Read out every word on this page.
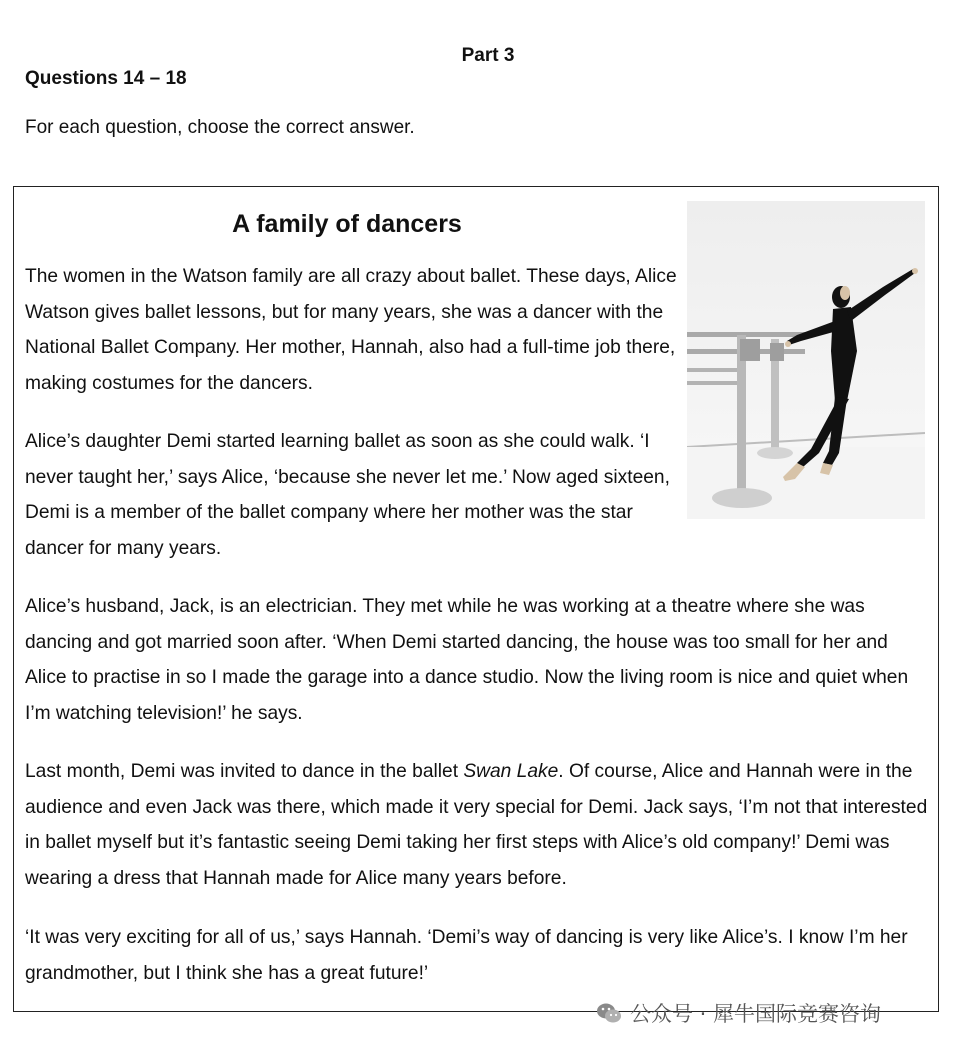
Part 3
Questions 14 – 18
For each question, choose the correct answer.
A family of dancers

The women in the Watson family are all crazy about ballet. These days, Alice Watson gives ballet lessons, but for many years, she was a dancer with the National Ballet Company. Her mother, Hannah, also had a full-time job there, making costumes for the dancers.

Alice’s daughter Demi started learning ballet as soon as she could walk. ‘I never taught her,’ says Alice, ‘because she never let me.’ Now aged sixteen, Demi is a member of the ballet company where her mother was the star dancer for many years.

Alice’s husband, Jack, is an electrician. They met while he was working at a theatre where she was dancing and got married soon after. ‘When Demi started dancing, the house was too small for her and Alice to practise in so I made the garage into a dance studio. Now the living room is nice and quiet when I’m watching television!’ he says.

Last month, Demi was invited to dance in the ballet Swan Lake. Of course, Alice and Hannah were in the audience and even Jack was there, which made it very special for Demi. Jack says, ‘I’m not that interested in ballet myself but it’s fantastic seeing Demi taking her first steps with Alice’s old company!’ Demi was wearing a dress that Hannah made for Alice many years before.

‘It was very exciting for all of us,’ says Hannah. ‘Demi’s way of dancing is very like Alice’s. I know I’m her grandmother, but I think she has a great future!’

公众号 · 犀牛国际竞赛咨询
